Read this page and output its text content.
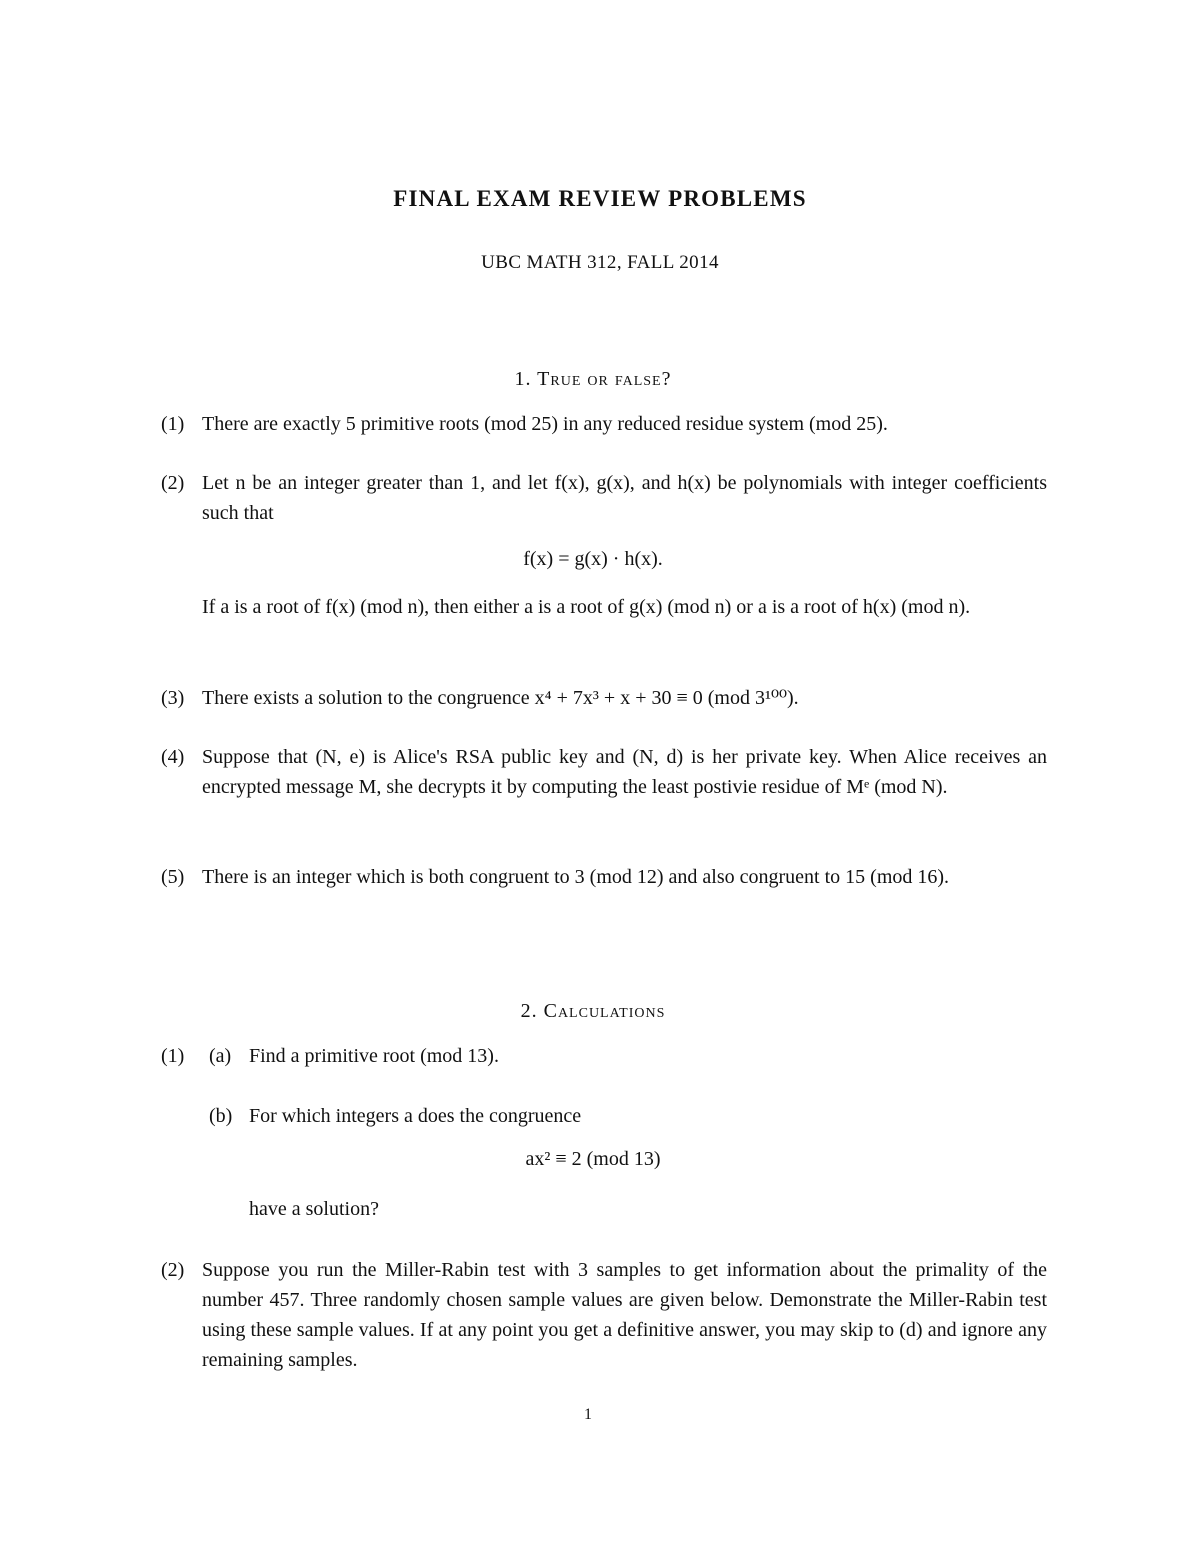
FINAL EXAM REVIEW PROBLEMS
UBC MATH 312, FALL 2014
1. True or false?
(1) There are exactly 5 primitive roots (mod 25) in any reduced residue system (mod 25).
(2) Let n be an integer greater than 1, and let f(x), g(x), and h(x) be polynomials with integer coefficients such that
f(x) = g(x) · h(x).
If a is a root of f(x) (mod n), then either a is a root of g(x) (mod n) or a is a root of h(x) (mod n).
(3) There exists a solution to the congruence x⁴ + 7x³ + x + 30 ≡ 0 (mod 3¹⁰⁰).
(4) Suppose that (N, e) is Alice's RSA public key and (N, d) is her private key. When Alice receives an encrypted message M, she decrypts it by computing the least postivie residue of Mᵉ (mod N).
(5) There is an integer which is both congruent to 3 (mod 12) and also congruent to 15 (mod 16).
2. Calculations
(1) (a) Find a primitive root (mod 13).
(b) For which integers a does the congruence
ax² ≡ 2 (mod 13)
have a solution?
(2) Suppose you run the Miller-Rabin test with 3 samples to get information about the primality of the number 457. Three randomly chosen sample values are given below. Demonstrate the Miller-Rabin test using these sample values. If at any point you get a definitive answer, you may skip to (d) and ignore any remaining samples.
1
